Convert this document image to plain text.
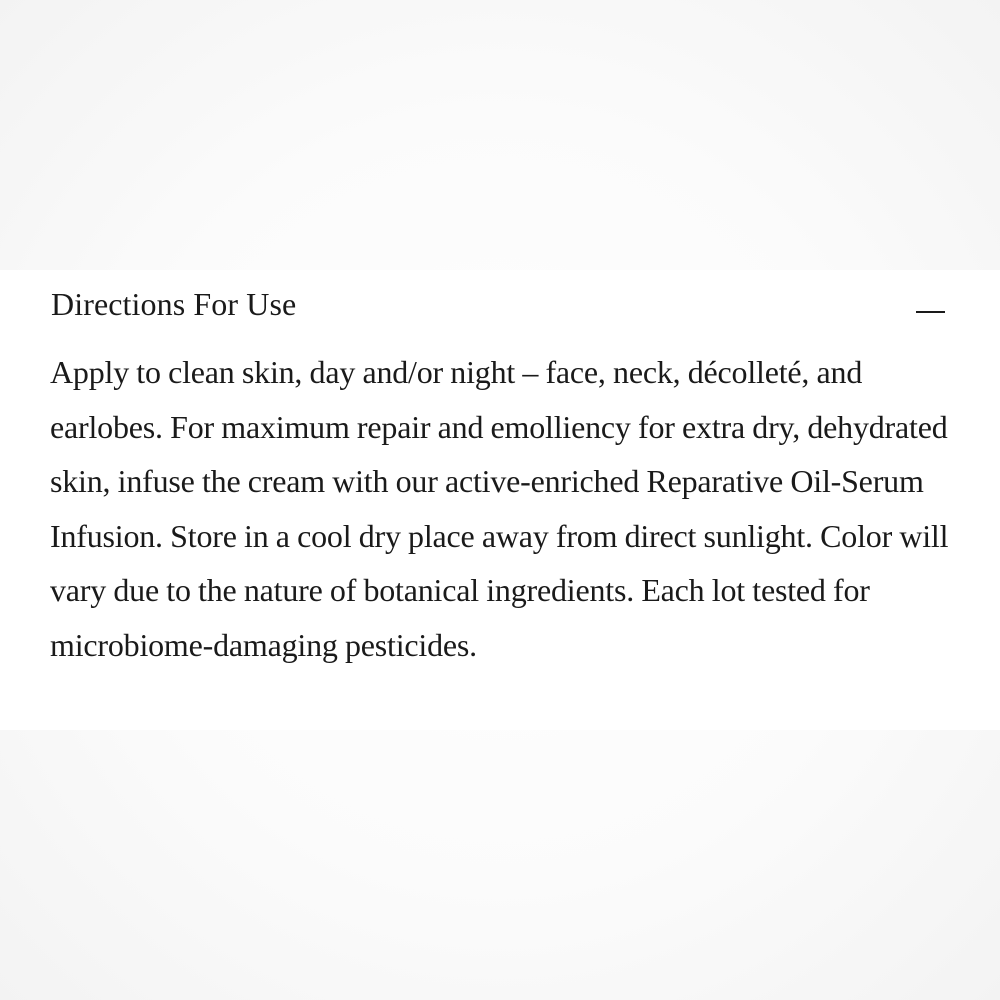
Directions For Use

Apply to clean skin, day and/or night – face, neck, décolleté, and earlobes. For maximum repair and emolliency for extra dry, dehydrated skin, infuse the cream with our active-enriched Reparative Oil-Serum Infusion. Store in a cool dry place away from direct sunlight. Color will vary due to the nature of botanical ingredients. Each lot tested for microbiome-damaging pesticides.
